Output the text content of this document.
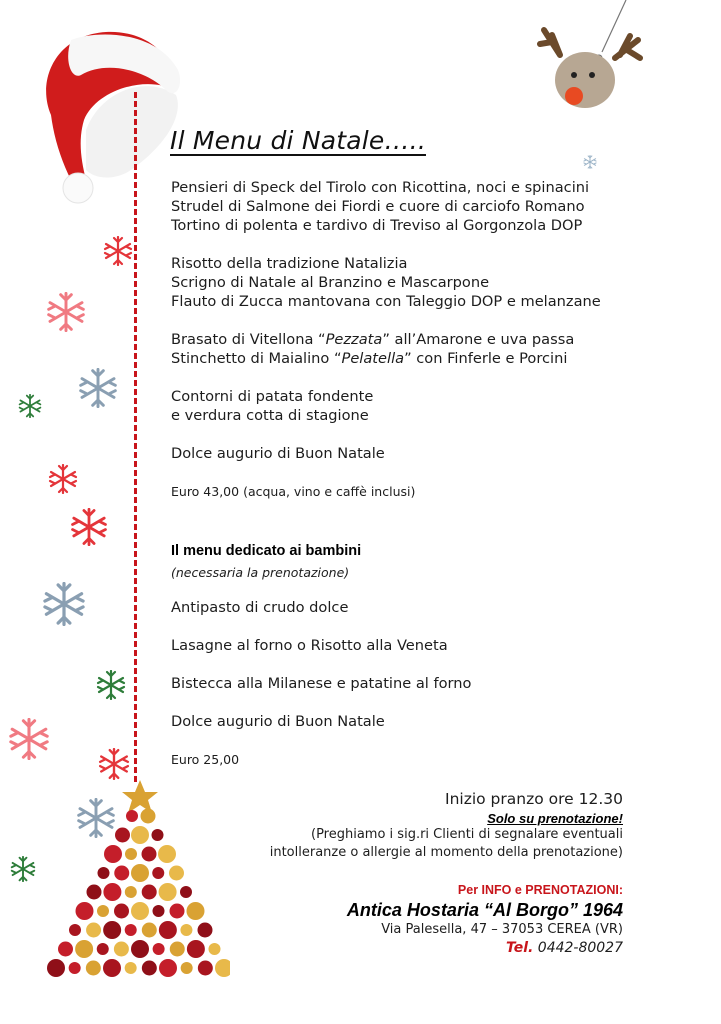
Il Menu di Natale…..
Pensieri di Speck del Tirolo con Ricottina, noci e spinacini
Strudel di Salmone dei Fiordi e cuore di carciofo Romano
Tortino di polenta e tardivo di Treviso al Gorgonzola DOP
Risotto della tradizione Natalizia
Scrigno di Natale al Branzino e Mascarpone
Flauto di Zucca mantovana con Taleggio DOP e melanzane
Brasato di Vitellona “Pezzata” all’Amarone e uva passa
Stinchetto di Maialino “Pelatella” con Finferle e Porcini
Contorni di patata fondente
e verdura cotta di stagione
Dolce augurio di Buon Natale
Euro 43,00 (acqua, vino e caffè inclusi)
Il menu dedicato ai bambini
(necessaria la prenotazione)
Antipasto di crudo dolce
Lasagne al forno o Risotto alla Veneta
Bistecca alla Milanese e patatine al forno
Dolce augurio di Buon Natale
Euro 25,00
Inizio pranzo ore 12.30
Solo su prenotazione!
(Preghiamo i sig.ri Clienti di segnalare eventuali
intolleranze o allergie al momento della prenotazione)
Per INFO e PRENOTAZIONI:
Antica Hostaria “Al Borgo” 1964
Via Palesella, 47 – 37053 CEREA (VR)
Tel. 0442-80027
